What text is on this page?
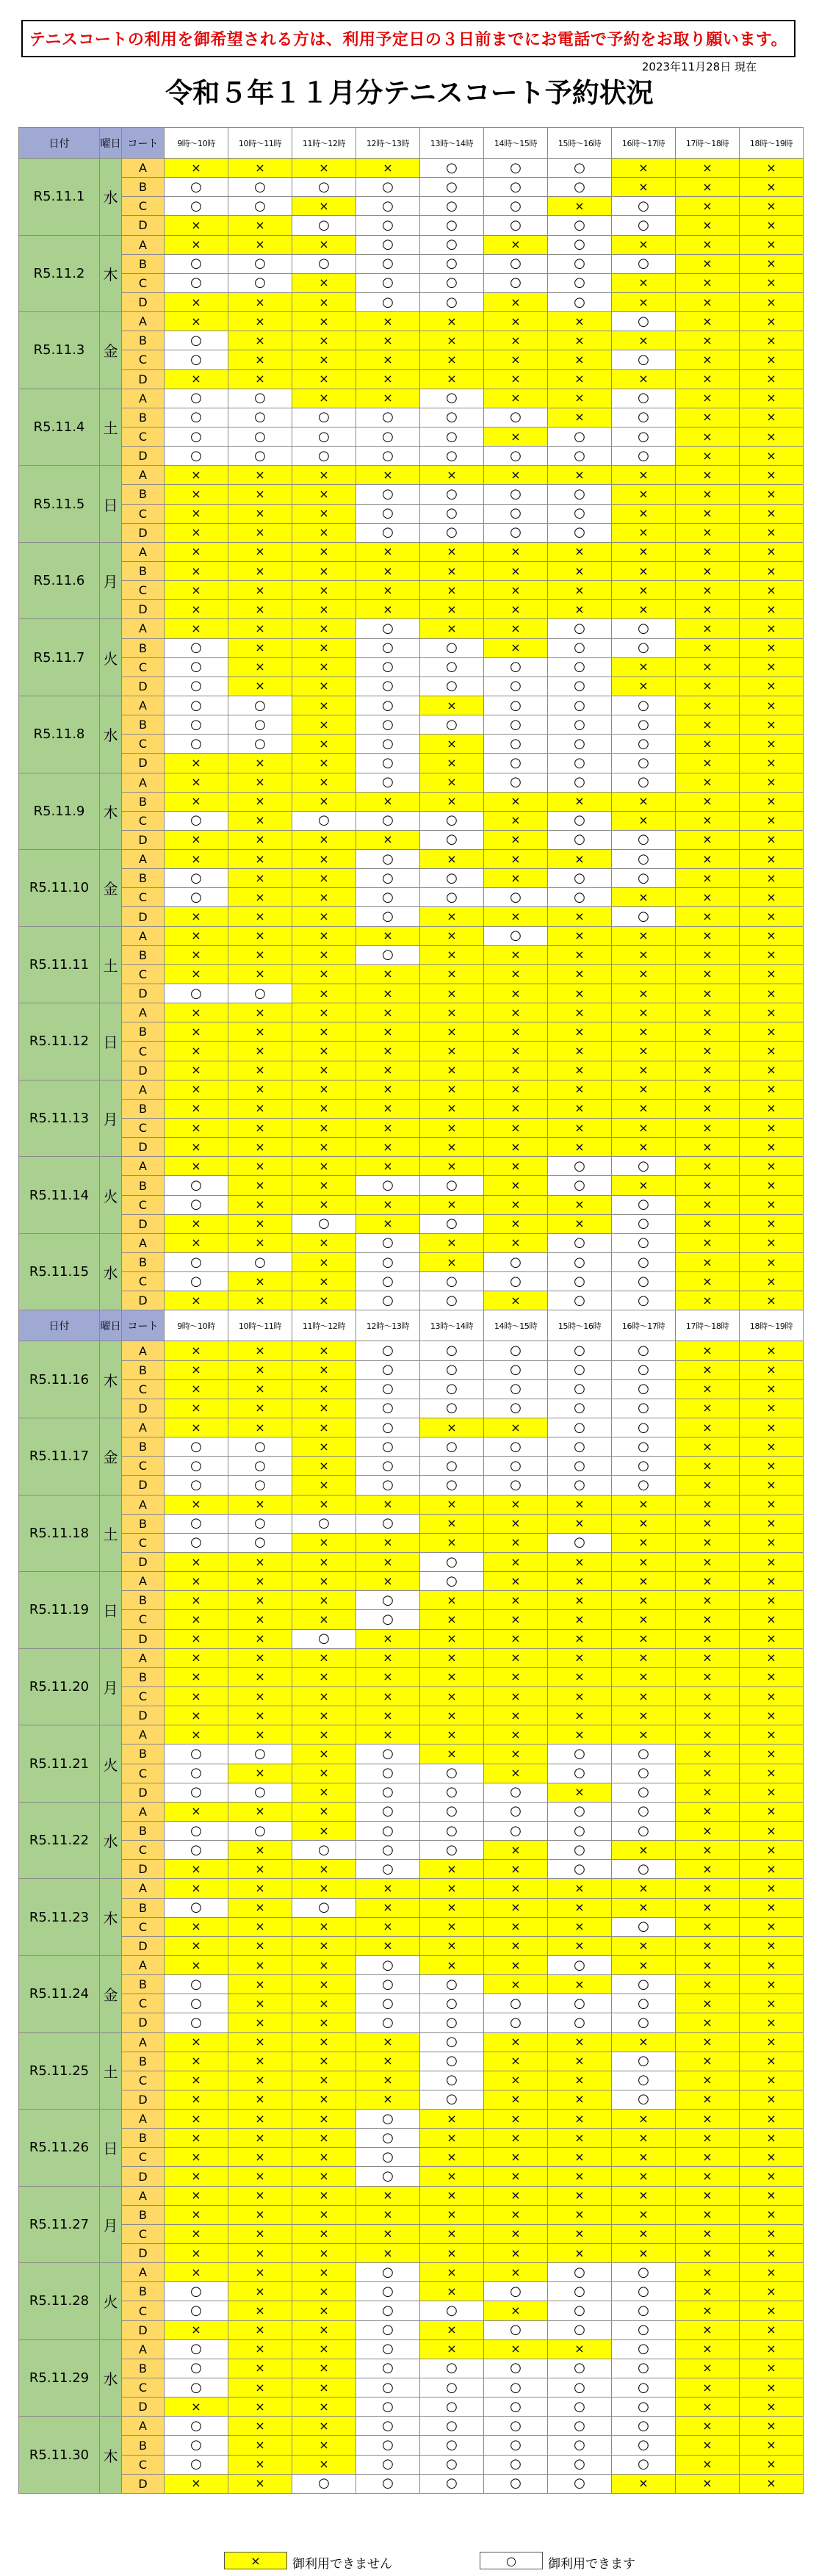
テニスコートの利用を御希望される方は、利用予定日の３日前までにお電話で予約をお取り願います。
2023年11月28日 現在
令和５年１１月分テニスコート予約状況
日付	曜日	コート	9時～10時	10時～11時	11時～12時	12時～13時	13時～14時	14時～15時	15時～16時	16時～17時	17時～18時	18時～19時
R5.11.1	水	A	×	×	×	×	○	○	○	×	×	×
		B	○	○	○	○	○	○	○	×	×	×
		C	○	○	×	○	○	○	×	○	×	×
		D	×	×	○	○	○	○	○	○	×	×
R5.11.2	木	A	×	×	×	○	○	×	○	×	×	×
		B	○	○	○	○	○	○	○	○	×	×
		C	○	○	×	○	○	○	○	×	×	×
		D	×	×	×	○	○	×	○	×	×	×
R5.11.3	金	A	×	×	×	×	×	×	×	○	×	×
		B	○	×	×	×	×	×	×	×	×	×
		C	○	×	×	×	×	×	×	○	×	×
		D	×	×	×	×	×	×	×	×	×	×
R5.11.4	土	A	○	○	×	×	○	×	×	○	×	×
		B	○	○	○	○	○	○	×	○	×	×
		C	○	○	○	○	○	×	○	○	×	×
		D	○	○	○	○	○	○	○	○	×	×
R5.11.5	日	A	×	×	×	×	×	×	×	×	×	×
		B	×	×	×	○	○	○	○	×	×	×
		C	×	×	×	○	○	○	○	×	×	×
		D	×	×	×	○	○	○	○	×	×	×
R5.11.6	月	A	×	×	×	×	×	×	×	×	×	×
		B	×	×	×	×	×	×	×	×	×	×
		C	×	×	×	×	×	×	×	×	×	×
		D	×	×	×	×	×	×	×	×	×	×
R5.11.7	火	A	×	×	×	○	×	×	○	○	×	×
		B	○	×	×	○	○	×	○	○	×	×
		C	○	×	×	○	○	○	○	×	×	×
		D	○	×	×	○	○	○	○	×	×	×
R5.11.8	水	A	○	○	×	○	×	○	○	○	×	×
		B	○	○	×	○	○	○	○	○	×	×
		C	○	○	×	○	×	○	○	○	×	×
		D	×	×	×	○	×	○	○	○	×	×
R5.11.9	木	A	×	×	×	○	×	○	○	○	×	×
		B	×	×	×	×	×	×	×	×	×	×
		C	○	×	○	○	○	×	○	×	×	×
		D	×	×	×	×	○	×	○	○	×	×
R5.11.10	金	A	×	×	×	○	×	×	×	○	×	×
		B	○	×	×	○	○	×	○	○	×	×
		C	○	×	×	○	○	○	○	×	×	×
		D	×	×	×	○	×	×	×	○	×	×
R5.11.11	土	A	×	×	×	×	×	○	×	×	×	×
		B	×	×	×	○	×	×	×	×	×	×
		C	×	×	×	×	×	×	×	×	×	×
		D	○	○	×	×	×	×	×	×	×	×
R5.11.12	日	A	×	×	×	×	×	×	×	×	×	×
		B	×	×	×	×	×	×	×	×	×	×
		C	×	×	×	×	×	×	×	×	×	×
		D	×	×	×	×	×	×	×	×	×	×
R5.11.13	月	A	×	×	×	×	×	×	×	×	×	×
		B	×	×	×	×	×	×	×	×	×	×
		C	×	×	×	×	×	×	×	×	×	×
		D	×	×	×	×	×	×	×	×	×	×
R5.11.14	火	A	×	×	×	×	×	×	○	○	×	×
		B	○	×	×	○	○	×	○	×	×	×
		C	○	×	×	×	×	×	×	○	×	×
		D	×	×	○	×	○	×	×	○	×	×
R5.11.15	水	A	×	×	×	○	×	×	○	○	×	×
		B	○	○	×	○	×	○	○	○	×	×
		C	○	×	×	○	○	○	○	○	×	×
		D	×	×	×	○	○	×	○	○	×	×
日付	曜日	コート	9時～10時	10時～11時	11時～12時	12時～13時	13時～14時	14時～15時	15時～16時	16時～17時	17時～18時	18時～19時
R5.11.16	木	A	×	×	×	○	○	○	○	○	×	×
		B	×	×	×	○	○	○	○	○	×	×
		C	×	×	×	○	○	○	○	○	×	×
		D	×	×	×	○	○	○	○	○	×	×
R5.11.17	金	A	×	×	×	○	×	×	○	○	×	×
		B	○	○	×	○	○	○	○	○	×	×
		C	○	○	×	○	○	○	○	○	×	×
		D	○	○	×	○	○	○	○	○	×	×
R5.11.18	土	A	×	×	×	×	×	×	×	×	×	×
		B	○	○	○	○	×	×	×	×	×	×
		C	○	○	×	×	×	×	○	×	×	×
		D	×	×	×	×	○	×	×	×	×	×
R5.11.19	日	A	×	×	×	×	○	×	×	×	×	×
		B	×	×	×	○	×	×	×	×	×	×
		C	×	×	×	○	×	×	×	×	×	×
		D	×	×	○	×	×	×	×	×	×	×
R5.11.20	月	A	×	×	×	×	×	×	×	×	×	×
		B	×	×	×	×	×	×	×	×	×	×
		C	×	×	×	×	×	×	×	×	×	×
		D	×	×	×	×	×	×	×	×	×	×
R5.11.21	火	A	×	×	×	×	×	×	×	×	×	×
		B	○	○	×	○	×	×	○	○	×	×
		C	○	×	×	○	○	×	○	○	×	×
		D	○	○	×	○	○	○	×	○	×	×
R5.11.22	水	A	×	×	×	○	○	○	○	○	×	×
		B	○	○	×	○	○	○	○	○	×	×
		C	○	×	○	○	○	×	○	×	×	×
		D	×	×	×	○	×	×	○	○	×	×
R5.11.23	木	A	×	×	×	×	×	×	×	×	×	×
		B	○	×	○	×	×	×	×	×	×	×
		C	×	×	×	×	×	×	×	○	×	×
		D	×	×	×	×	×	×	×	×	×	×
R5.11.24	金	A	×	×	×	○	×	×	○	×	×	×
		B	○	×	×	○	○	×	×	○	×	×
		C	○	×	×	○	○	○	○	○	×	×
		D	○	×	×	○	○	○	○	○	×	×
R5.11.25	土	A	×	×	×	×	○	×	×	×	×	×
		B	×	×	×	×	○	×	×	○	×	×
		C	×	×	×	×	○	×	×	○	×	×
		D	×	×	×	×	○	×	×	○	×	×
R5.11.26	日	A	×	×	×	○	×	×	×	×	×	×
		B	×	×	×	○	×	×	×	×	×	×
		C	×	×	×	○	×	×	×	×	×	×
		D	×	×	×	○	×	×	×	×	×	×
R5.11.27	月	A	×	×	×	×	×	×	×	×	×	×
		B	×	×	×	×	×	×	×	×	×	×
		C	×	×	×	×	×	×	×	×	×	×
		D	×	×	×	×	×	×	×	×	×	×
R5.11.28	火	A	×	×	×	○	×	×	○	○	×	×
		B	○	×	×	○	×	○	○	○	×	×
		C	○	×	×	○	○	×	○	○	×	×
		D	×	×	×	○	×	○	○	○	×	×
R5.11.29	水	A	○	×	×	○	×	×	×	○	×	×
		B	○	×	×	○	○	○	○	○	×	×
		C	○	×	×	○	○	○	○	○	×	×
		D	×	×	×	○	○	○	○	○	×	×
R5.11.30	木	A	○	×	×	○	○	○	○	○	×	×
		B	○	×	×	○	○	○	○	○	×	×
		C	○	×	×	○	○	○	○	○	×	×
		D	×	×	○	○	○	○	○	×	×	×
×	御利用できません	○	御利用できます
